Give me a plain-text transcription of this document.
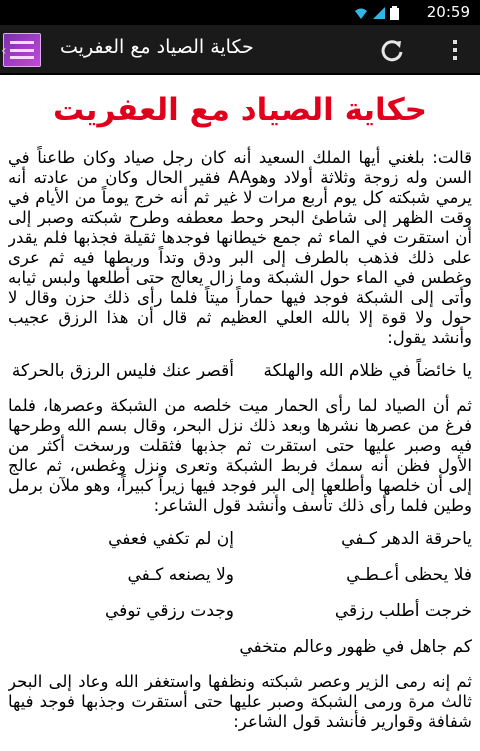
20:59
‹	حكاية الصياد مع العفريت
حكاية الصياد مع العفريت
قالت: بلغني أيها الملك السعيد أنه كان رجل صياد وكان طاعناً في السن وله زوجة وثلاثة أولاد وهوAA فقير الحال وكان من عادته أنه يرمي شبكته كل يوم أربع مرات لا غير ثم أنه خرج يوماً من الأيام في وقت الظهر إلى شاطئ البحر وحط معطفه وطرح شبكته وصبر إلى أن استقرت في الماء ثم جمع خيطانها فوجدها ثقيلة فجذبها فلم يقدر على ذلك فذهب بالطرف إلى البر ودق وتداً وربطها فيه ثم عرى وغطس في الماء حول الشبكة وما زال يعالج حتى أطلعها ولبس ثيابه وأتى إلى الشبكة فوجد فيها حماراً ميتاً فلما رأى ذلك حزن وقال لا حول ولا قوة إلا بالله العلي العظيم ثم قال أن هذا الرزق عجيب وأنشد يقول:
يا خائضاً في ظلام الله والهلكة
أقصر عنك فليس الرزق بالحركة
ثم أن الصياد لما رأى الحمار ميت خلصه من الشبكة وعصرها، فلما فرغ من عصرها نشرها وبعد ذلك نزل البحر، وقال بسم الله وطرحها فيه وصبر عليها حتى استقرت ثم جذبها فثقلت ورسخت أكثر من الأول فظن أنه سمك فربط الشبكة وتعرى ونزل وغطس، ثم عالج إلى أن خلصها وأطلعها إلى البر فوجد فيها زيراً كبيراً، وهو ملآن برمل وطين فلما رأى ذلك تأسف وأنشد قول الشاعر:
ياحرقة الدهر كـفي
إن لم تكفي فعفي
فلا يحظى أعـطـي
ولا يصنعه كـفي
خرجت أطلب رزقي
وجدت رزقي توفي
كم جاهل في ظهور وعالم متخفي
ثم إنه رمى الزير وعصر شبكته ونظفها واستغفر الله وعاد إلى البحر ثالث مرة ورمى الشبكة وصبر عليها حتى أستقرت وجذبها فوجد فيها شفافة وقوارير فأنشد قول الشاعر:
